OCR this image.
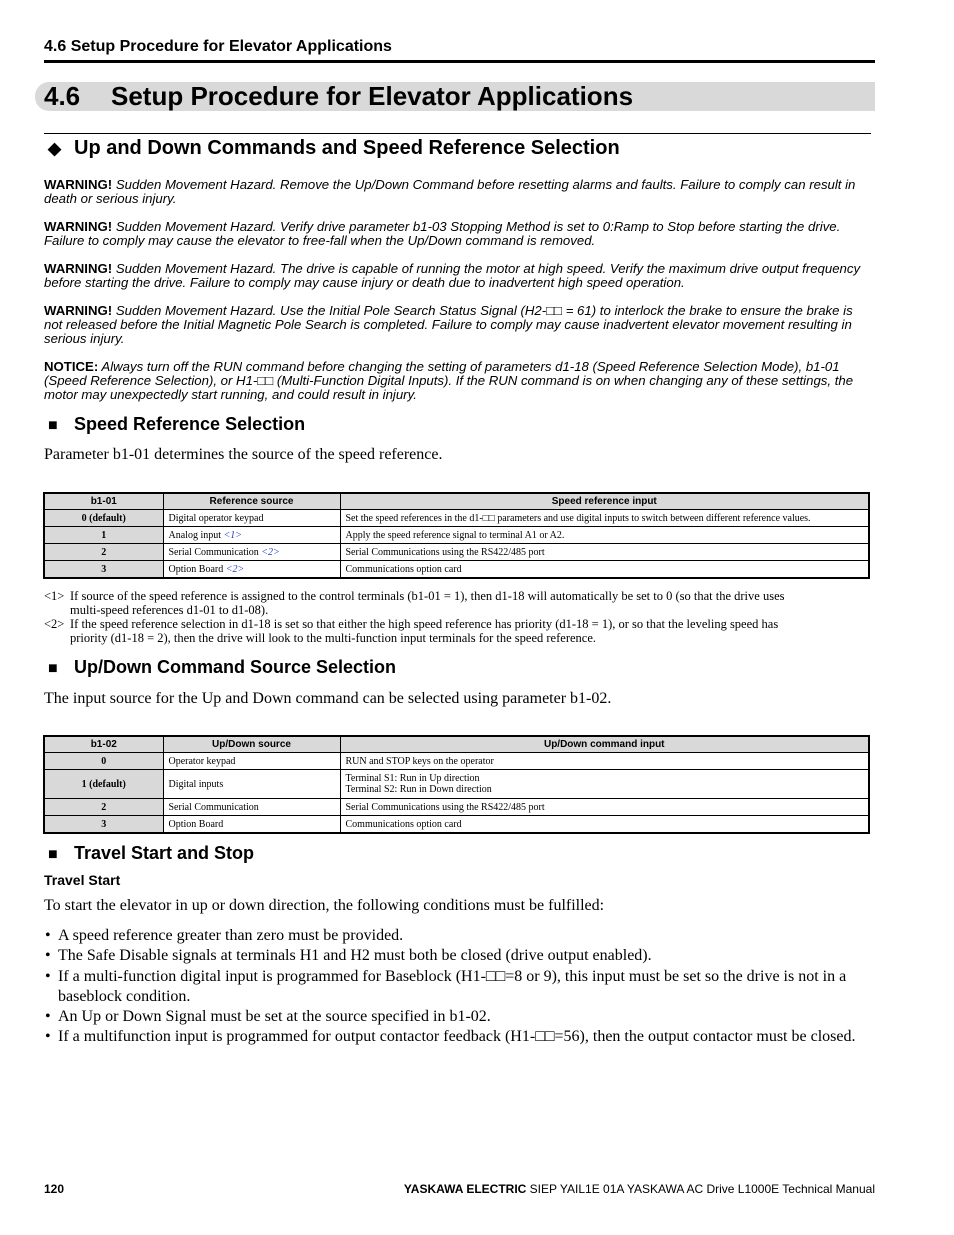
4.6 Setup Procedure for Elevator Applications
4.6 Setup Procedure for Elevator Applications
◆ Up and Down Commands and Speed Reference Selection
WARNING! Sudden Movement Hazard. Remove the Up/Down Command before resetting alarms and faults. Failure to comply can result in death or serious injury.
WARNING! Sudden Movement Hazard. Verify drive parameter b1-03 Stopping Method is set to 0:Ramp to Stop before starting the drive. Failure to comply may cause the elevator to free-fall when the Up/Down command is removed.
WARNING! Sudden Movement Hazard. The drive is capable of running the motor at high speed. Verify the maximum drive output frequency before starting the drive. Failure to comply may cause injury or death due to inadvertent high speed operation.
WARNING! Sudden Movement Hazard. Use the Initial Pole Search Status Signal (H2-□□ = 61) to interlock the brake to ensure the brake is not released before the Initial Magnetic Pole Search is completed. Failure to comply may cause inadvertent elevator movement resulting in serious injury.
NOTICE: Always turn off the RUN command before changing the setting of parameters d1-18 (Speed Reference Selection Mode), b1-01 (Speed Reference Selection), or H1-□□ (Multi-Function Digital Inputs). If the RUN command is on when changing any of these settings, the motor may unexpectedly start running, and could result in injury.
■ Speed Reference Selection
Parameter b1-01 determines the source of the speed reference.
b1-01	Reference source	Speed reference input
0 (default)	Digital operator keypad	Set the speed references in the d1-□□ parameters and use digital inputs to switch between different reference values.
1	Analog input <1>	Apply the speed reference signal to terminal A1 or A2.
2	Serial Communication <2>	Serial Communications using the RS422/485 port
3	Option Board <2>	Communications option card
<1> If source of the speed reference is assigned to the control terminals (b1-01 = 1), then d1-18 will automatically be set to 0 (so that the drive uses
multi-speed references d1-01 to d1-08).
<2> If the speed reference selection in d1-18 is set so that either the high speed reference has priority (d1-18 = 1), or so that the leveling speed has
priority (d1-18 = 2), then the drive will look to the multi-function input terminals for the speed reference.
■ Up/Down Command Source Selection
The input source for the Up and Down command can be selected using parameter b1-02.
b1-02	Up/Down source	Up/Down command input
0	Operator keypad	RUN and STOP keys on the operator
1 (default)	Digital inputs	Terminal S1: Run in Up direction
Terminal S2: Run in Down direction

2	Serial Communication	Serial Communications using the RS422/485 port
3	Option Board	Communications option card
■ Travel Start and Stop
Travel Start
To start the elevator in up or down direction, the following conditions must be fulfilled:
• A speed reference greater than zero must be provided.
• The Safe Disable signals at terminals H1 and H2 must both be closed (drive output enabled).
• If a multi-function digital input is programmed for Baseblock (H1-□□=8 or 9), this input must be set so the drive is not in a baseblock condition.
• An Up or Down Signal must be set at the source specified in b1-02.
• If a multifunction input is programmed for output contactor feedback (H1-□□=56), then the output contactor must be closed.
120	YASKAWA ELECTRIC SIEP YAIL1E 01A YASKAWA AC Drive L1000E Technical Manual
